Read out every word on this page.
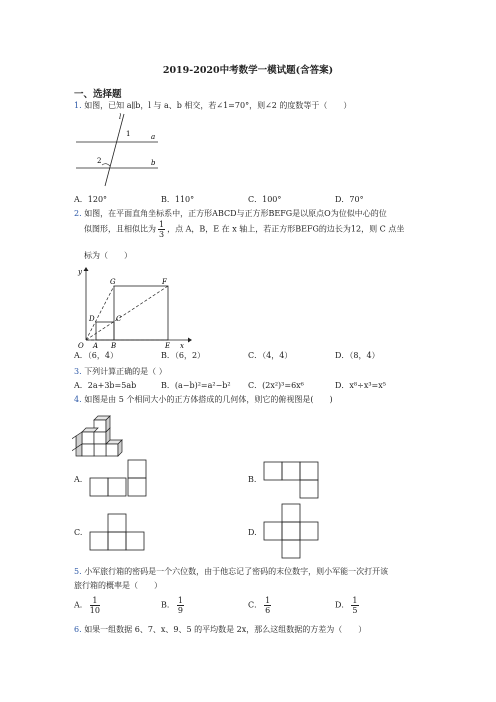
2019-2020中考数学一模试题(含答案)
一、选择题
1. 如图，已知 a∥b，l 与 a、b 相交，若∠1=70°，则∠2 的度数等于（　　）
l
a
b
1
2
A．120°	B．110°	C．100°	D．70°
2. 如图，在平面直角坐标系中，正方形ABCD与正方形BEFG是以原点O为位似中心的位
似图形，且相似比为 $\frac{1}{3}$ ，点 A，B，E 在 x 轴上，若正方形BEFG的边长为12，则 C 点坐
标为（　　）
y
x
G	F
D	C
O A B	E
A．（6，4）	B．（6，2）	C．（4，4）	D．（8，4）
3. 下列计算正确的是（ ）
A．2a+3b=5ab	B．(a−b)²=a²−b² C．(2x²)³=6x⁶	D．x⁸÷x³=x⁵
4. 如图是由 5 个相同大小的正方体搭成的几何体，则它的俯视图是(　　)
A.	B.
C.	D.
5. 小军旅行箱的密码是一个六位数，由于他忘记了密码的末位数字，则小军能一次打开该
旅行箱的概率是（　　）
A． $\frac{1}{10}$	B． $\frac{1}{9}$	C． $\frac{1}{6}$	D． $\frac{1}{5}$
6. 如果一组数据 6、7、x、9、5 的平均数是 2x，那么这组数据的方差为（　　）
